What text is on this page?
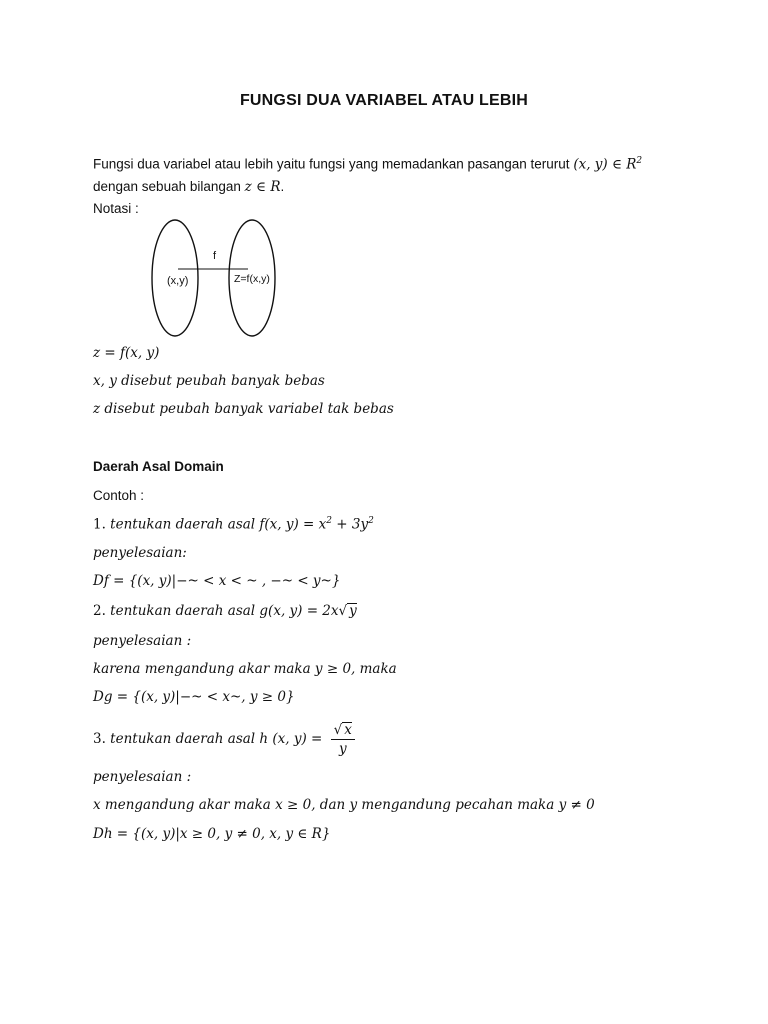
FUNGSI DUA VARIABEL ATAU LEBIH
Fungsi dua variabel atau lebih yaitu fungsi yang memadankan pasangan terurut (x, y) ∈ $R^2$
dengan sebuah bilangan z ∈ R.
Notasi :
(x,y)	Z=f(x,y)
f
z = f(x, y)
x, y disebut peubah banyak bebas
z disebut peubah banyak variabel tak bebas
Daerah Asal Domain
Contoh :
1. tentukan daerah asal f(x, $y) = x^2 + 3y^2$
penyelesaian:
Df = {(x, y)|−~ < x < ~ , −~ < y~}
2. tentukan daerah asal g(x, y) = 2x√ y
penyelesaian :
karena mengandung akar maka y ≥ 0, maka
Dg = {(x, y)|−~ < x~, y ≥ 0}
3. tentukan daerah asal h (x, $y) = \frac{√ x}{y}$
penyelesaian :
x mengandung akar maka x ≥ 0, dan y mengandung pecahan maka y ≠ 0
Dh = {(x, y)|x ≥ 0, y ≠ 0, x, y ∈ R}
